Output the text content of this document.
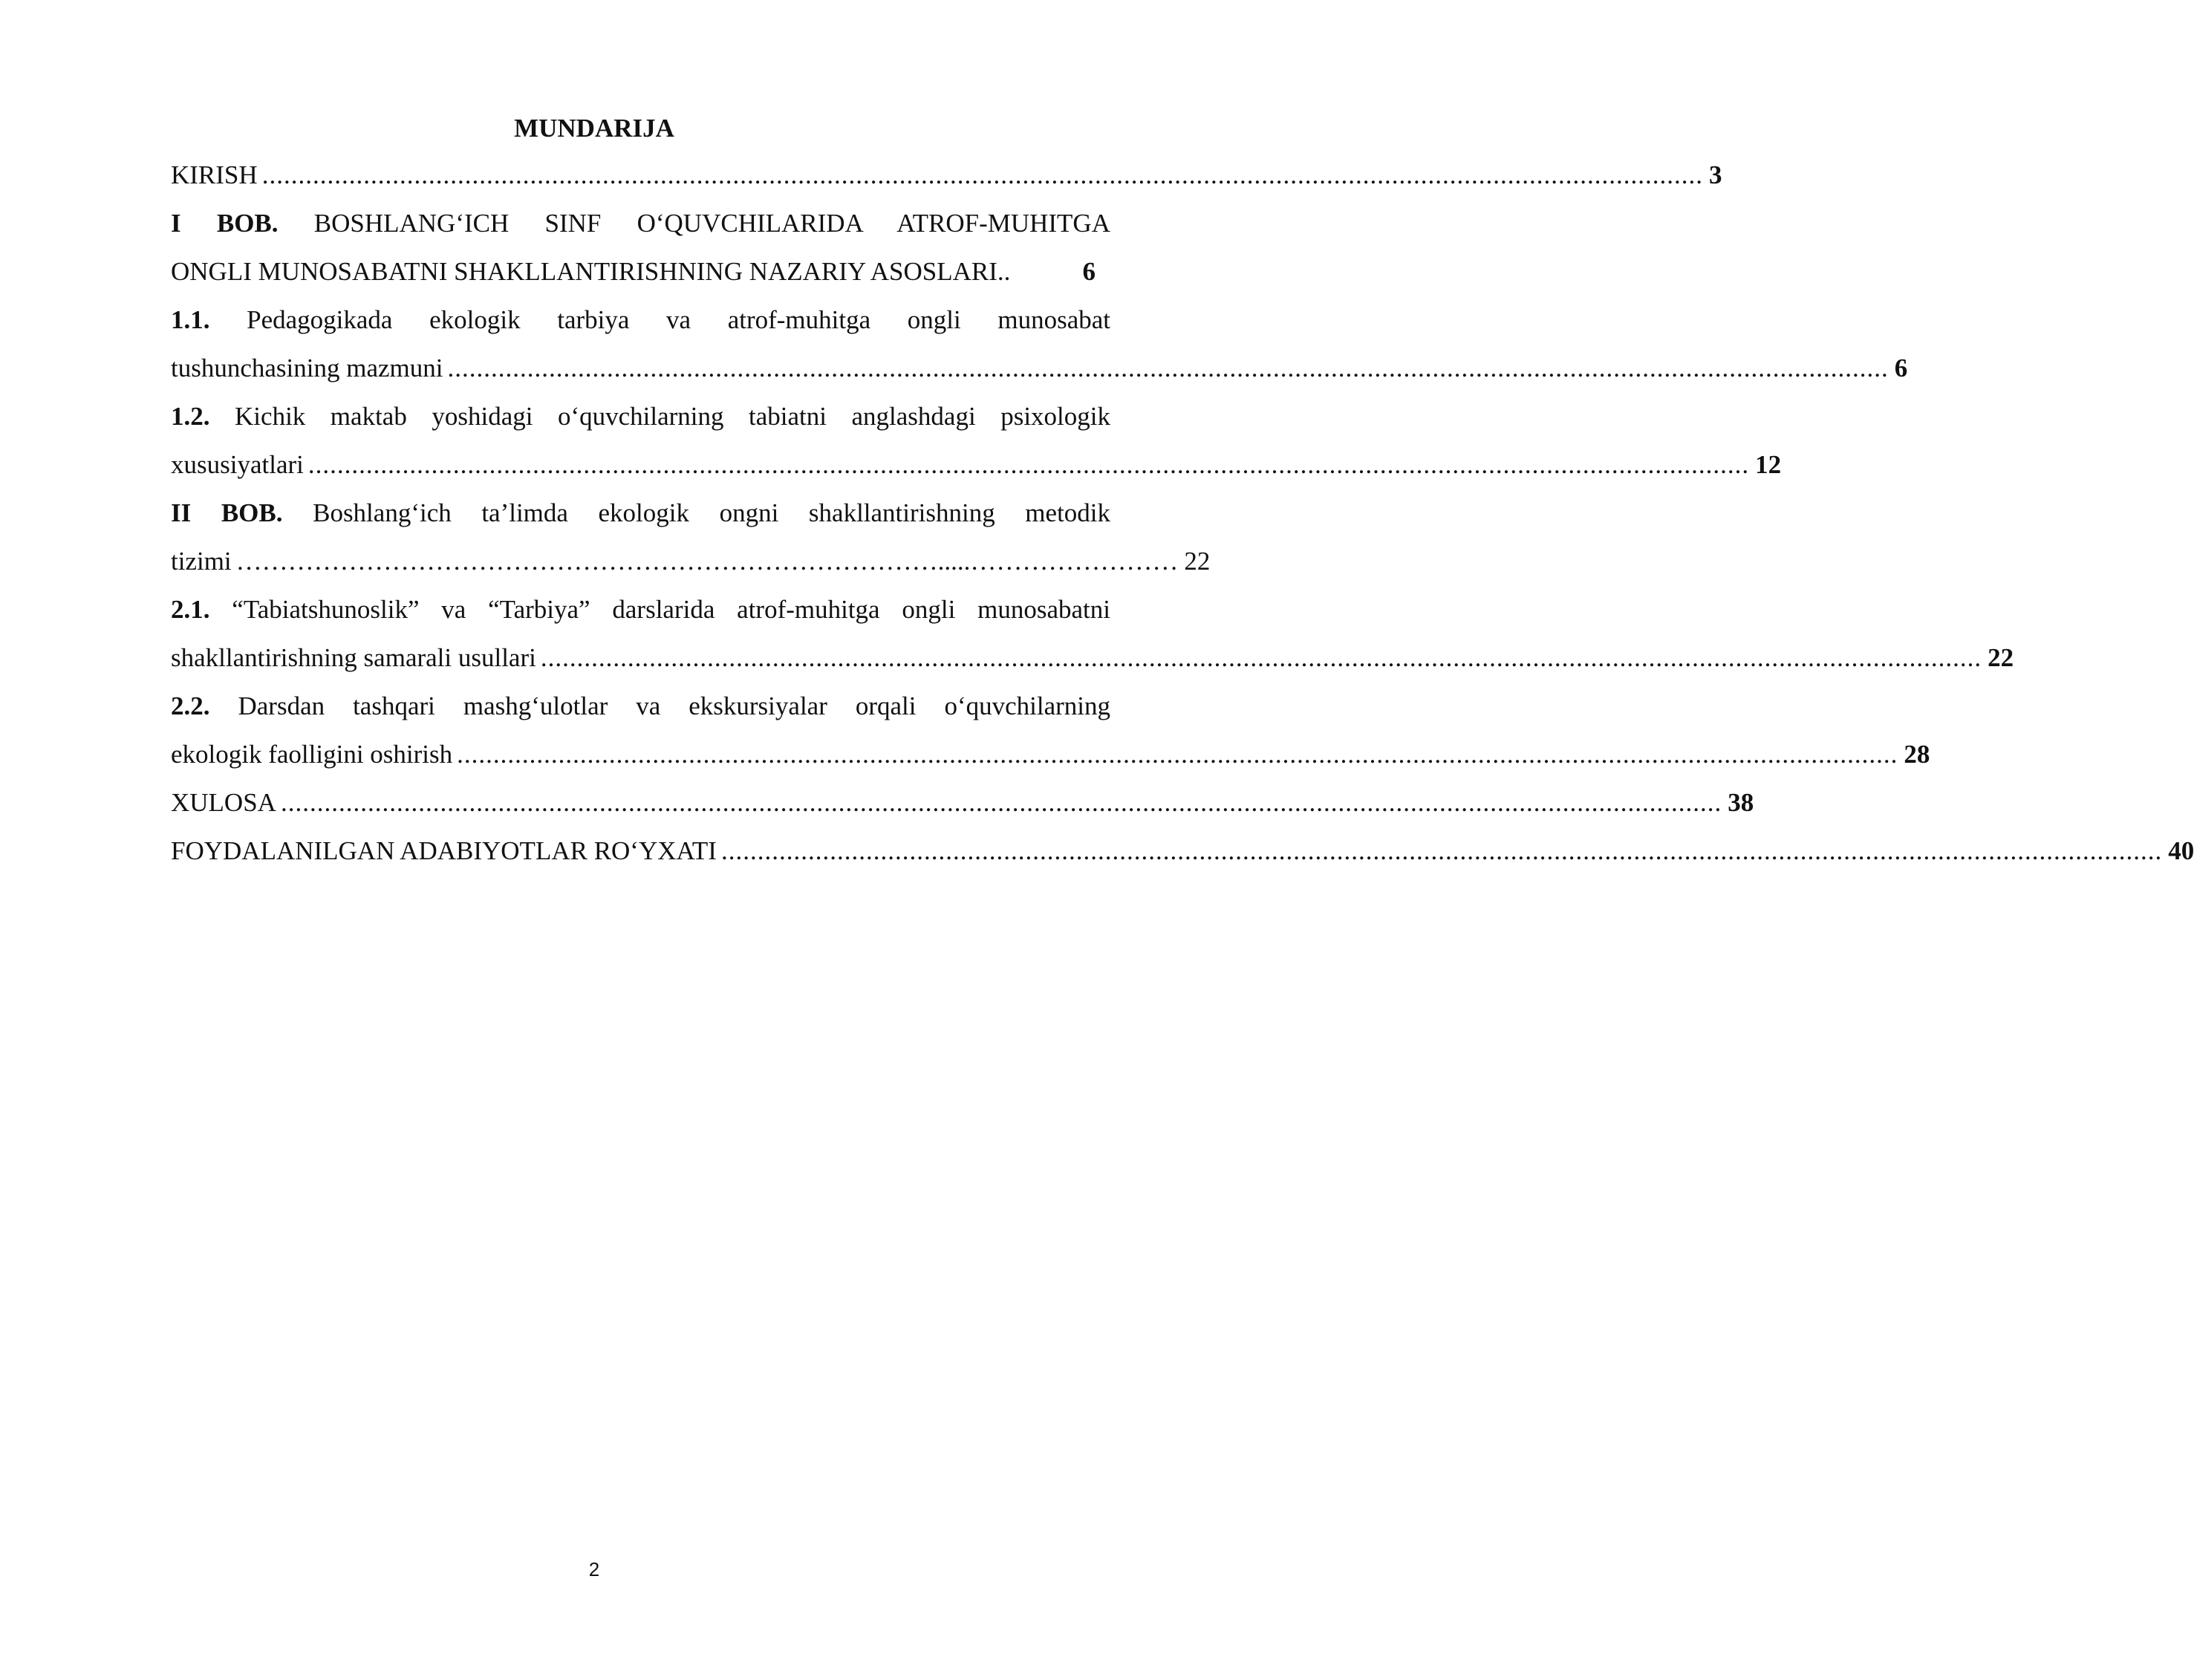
MUNDARIJA
KIRISH ....................................................................................................................................................................................................... 3
I BOB. BOSHLANG‘ICH SINF O‘QUVCHILARIDA ATROF-MUHITGA
ONGLI MUNOSABATNI SHAKLLANTIRISHNING NAZARIY ASOSLARI..	6
1.1. Pedagogikada ekologik tarbiya va atrof-muhitga ongli munosabat
tushunchasining mazmuni ....................................................................................................................................................................................................... 6
1.2. Kichik maktab yoshidagi o‘quvchilarning tabiatni anglashdagi psixologik
xususiyatlari ....................................................................................................................................................................................................... 12
II BOB. Boshlang‘ich ta’limda ekologik ongni shakllantirishning metodik
tizimi ……………………………………………………………………….....…………………… 22
2.1. “Tabiatshunoslik” va “Tarbiya” darslarida atrof-muhitga ongli munosabatni
shakllantirishning samarali usullari ....................................................................................................................................................................................................... 22
2.2. Darsdan tashqari mashg‘ulotlar va ekskursiyalar orqali o‘quvchilarning
ekologik faolligini oshirish ....................................................................................................................................................................................................... 28
XULOSA ....................................................................................................................................................................................................... 38
FOYDALANILGAN ADABIYOTLAR RO‘YXATI ....................................................................................................................................................................................................... 40
2
